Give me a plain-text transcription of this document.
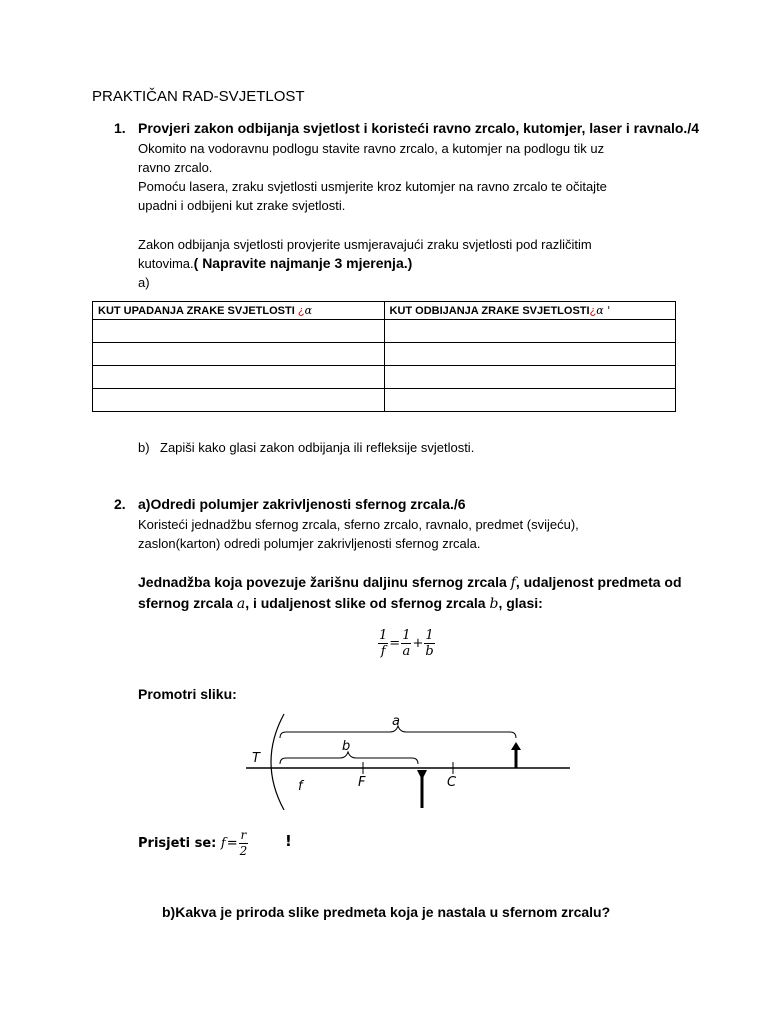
PRAKTIČAN RAD-SVJETLOST
1. Provjeri zakon odbijanja svjetlost i koristeći ravno zrcalo, kutomjer, laser i ravnalo./4
Okomito na vodoravnu podlogu stavite ravno zrcalo, a kutomjer na podlogu tik uz
ravno zrcalo.
Pomoću lasera, zraku svjetlosti usmjerite kroz kutomjer na ravno zrcalo te očitajte
upadni i odbijeni kut zrake svjetlosti.
Zakon odbijanja svjetlosti provjerite usmjeravajući zraku svjetlosti pod različitim
kutovima.( Napravite najmanje 3 mjerenja.)
a)
KUT UPADANJA ZRAKE SVJETLOSTI ¿α	KUT ODBIJANJA ZRAKE SVJETLOSTI¿α '

b) Zapiši kako glasi zakon odbijanja ili refleksije svjetlosti.
2. a)Odredi polumjer zakrivljenosti sfernog zrcala./6
Koristeći jednadžbu sfernog zrcala, sferno zrcalo, ravnalo, predmet (svijeću),
zaslon(karton) odredi polumjer zakrivljenosti sfernog zrcala.
Jednadžba koja povezuje žarišnu daljinu sfernog zrcala f, udaljenost predmeta od
sfernog zrcala a, i udaljenost slike od sfernog zrcala b, glasi:
$\frac{1}{f} = \frac{1}{a} + \frac{1}{b}$
Promotri sliku:
T
a
b
f	F	C
Prisjeti se: $f= \frac{r}{2}$ !
b)Kakva je priroda slike predmeta koja je nastala u sfernom zrcalu?
